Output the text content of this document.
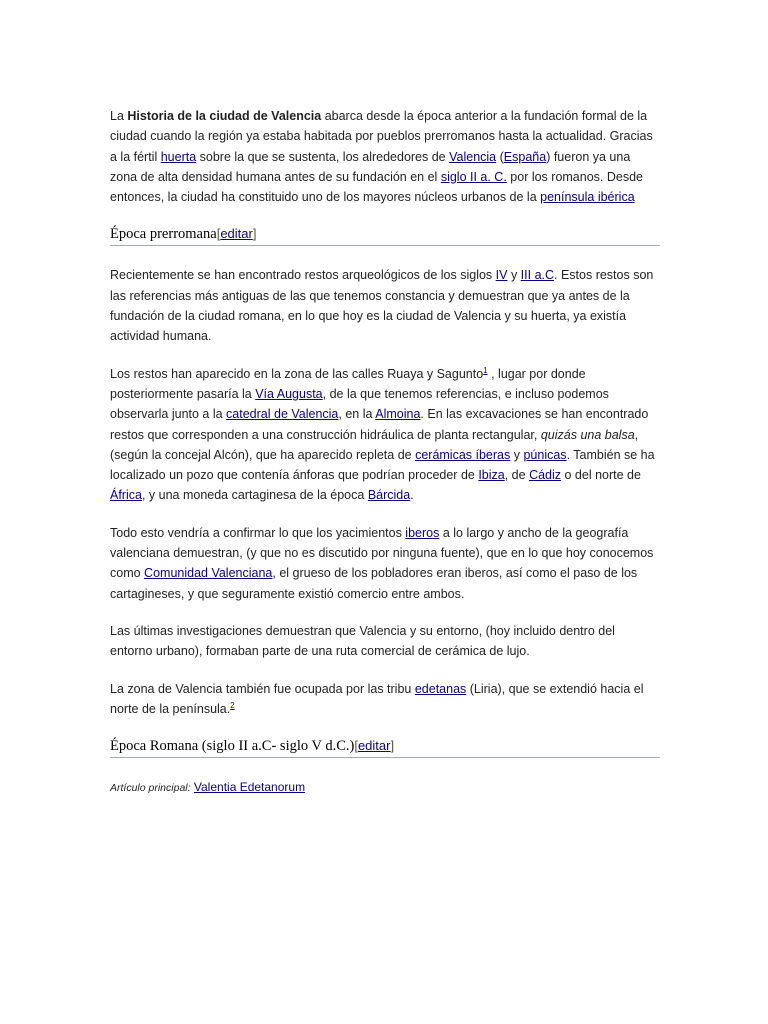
La Historia de la ciudad de Valencia abarca desde la época anterior a la fundación formal de la ciudad cuando la región ya estaba habitada por pueblos prerromanos hasta la actualidad. Gracias a la fértil huerta sobre la que se sustenta, los alrededores de Valencia (España) fueron ya una zona de alta densidad humana antes de su fundación en el siglo II a. C. por los romanos. Desde entonces, la ciudad ha constituido uno de los mayores núcleos urbanos de la península ibérica

Época prerromana[editar]

Recientemente se han encontrado restos arqueológicos de los siglos IV y III a.C. Estos restos son las referencias más antiguas de las que tenemos constancia y demuestran que ya antes de la fundación de la ciudad romana, en lo que hoy es la ciudad de Valencia y su huerta, ya existía actividad humana.

Los restos han aparecido en la zona de las calles Ruaya y Sagunto$^1$ , lugar por donde posteriormente pasaría la Vía Augusta, de la que tenemos referencias, e incluso podemos observarla junto a la catedral de Valencia, en la Almoina. En las excavaciones se han encontrado restos que corresponden a una construcción hidráulica de planta rectangular, quizás una balsa, (según la concejal Alcón), que ha aparecido repleta de cerámicas íberas y púnicas. También se ha localizado un pozo que contenía ánforas que podrían proceder de Ibiza, de Cádiz o del norte de África, y una moneda cartaginesa de la época Bárcida.

Todo esto vendría a confirmar lo que los yacimientos iberos a lo largo y ancho de la geografía valenciana demuestran, (y que no es discutido por ninguna fuente), que en lo que hoy conocemos como Comunidad Valenciana, el grueso de los pobladores eran iberos, así como el paso de los cartagineses, y que seguramente existió comercio entre ambos.

Las últimas investigaciones demuestran que Valencia y su entorno, (hoy incluido dentro del entorno urbano), formaban parte de una ruta comercial de cerámica de lujo.

La zona de Valencia también fue ocupada por las tribu edetanas (Liria), que se extendió hacia el norte de la península.$^2$

Época Romana (siglo II a.C- siglo V d.C.)[editar]
Artículo principal: Valentia Edetanorum
